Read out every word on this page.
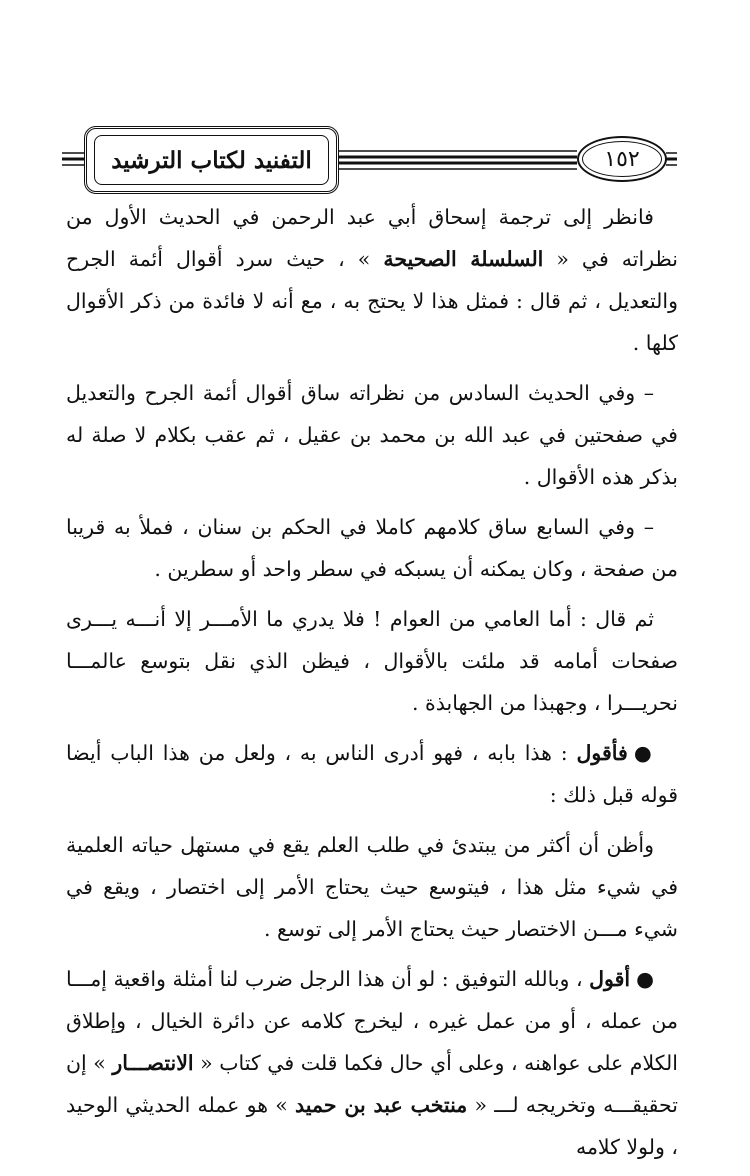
التفنيد لكتاب الترشيد	١٥٢

فانظر إلى ترجمة إسحاق أبي عبد الرحمن في الحديث الأول من نظراته في « السلسلة الصحيحة » ، حيث سرد أقوال أئمة الجرح والتعديل ، ثم قال : فمثل هذا لا يحتج به ، مع أنه لا فائدة من ذكر الأقوال كلها .

– وفي الحديث السادس من نظراته ساق أقوال أئمة الجرح والتعديل في صفحتين في عبد الله بن محمد بن عقيل ، ثم عقب بكلام لا صلة له بذكر هذه الأقوال .

– وفي السابع ساق كلامهم كاملا في الحكم بن سنان ، فملأ به قريبا من صفحة ، وكان يمكنه أن يسبكه في سطر واحد أو سطرين .

ثم قال : أما العامي من العوام ! فلا يدري ما الأمـــر إلا أنـــه يـــرى صفحات أمامه قد ملئت بالأقوال ، فيظن الذي نقل بتوسع عالمـــا نحريـــرا ، وجهبذا من الجهابذة .

●فأقول : هذا بابه ، فهو أدرى الناس به ، ولعل من هذا الباب أيضا قوله قبل ذلك :

وأظن أن أكثر من يبتدئ في طلب العلم يقع في مستهل حياته العلمية في شيء مثل هذا ، فيتوسع حيث يحتاج الأمر إلى اختصار ، ويقع في شيء مـــن الاختصار حيث يحتاج الأمر إلى توسع .

●أقول ، وبالله التوفيق : لو أن هذا الرجل ضرب لنا أمثلة واقعية إمـــا من عمله ، أو من عمل غيره ، ليخرج كلامه عن دائرة الخيال ، وإطلاق الكلام على عواهنه ، وعلى أي حال فكما قلت في كتاب « الانتصـــار » إن تحقيقـــه وتخريجه لـــ « منتخب عبد بن حميد » هو عمله الحديثي الوحيد ، ولولا كلامه
